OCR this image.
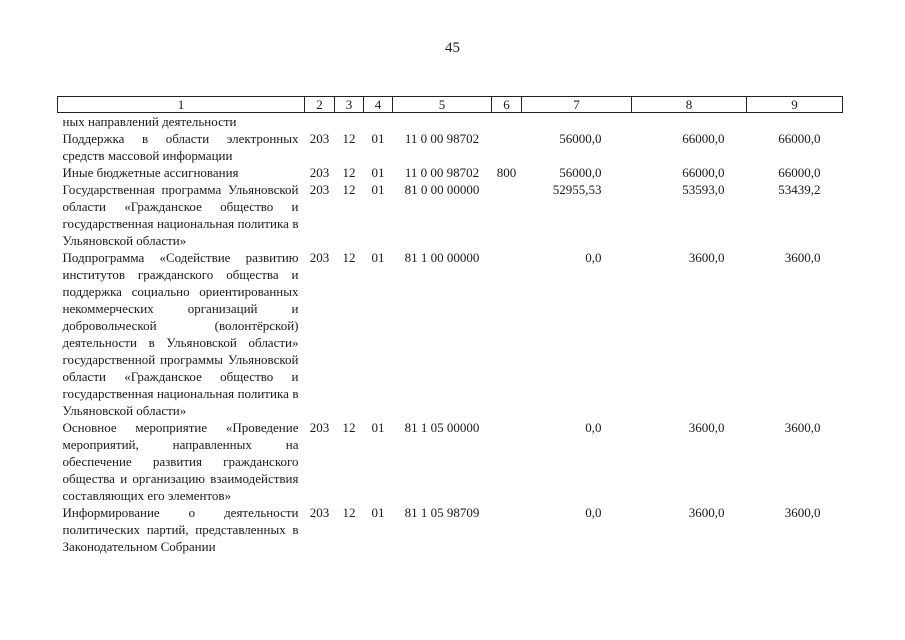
45
1	2	3	4	5	6	7	8	9
ных направлений деятельности								
Поддержка в области электронных средств массовой информации	203	12	01	11 0 00 98702		56000,0	66000,0	66000,0
Иные бюджетные ассигнования	203	12	01	11 0 00 98702	800	56000,0	66000,0	66000,0
Государственная программа Ульяновской области «Гражданское общество и государственная национальная политика в Ульяновской области»	203	12	01	81 0 00 00000		52955,53	53593,0	53439,2
Подпрограмма «Содействие развитию институтов гражданского общества и поддержка социально ориентированных некоммерческих организаций и добровольческой (волонтёрской) деятельности в Ульяновской области» государственной программы Ульяновской области «Гражданское общество и государственная национальная политика в Ульяновской области»	203	12	01	81 1 00 00000		0,0	3600,0	3600,0
Основное мероприятие «Проведение мероприятий, направленных на обеспечение развития гражданского общества и организацию взаимодействия составляющих его элементов»	203	12	01	81 1 05 00000		0,0	3600,0	3600,0
Информирование о деятельности политических партий, представленных в Законодательном Собрании	203	12	01	81 1 05 98709		0,0	3600,0	3600,0
